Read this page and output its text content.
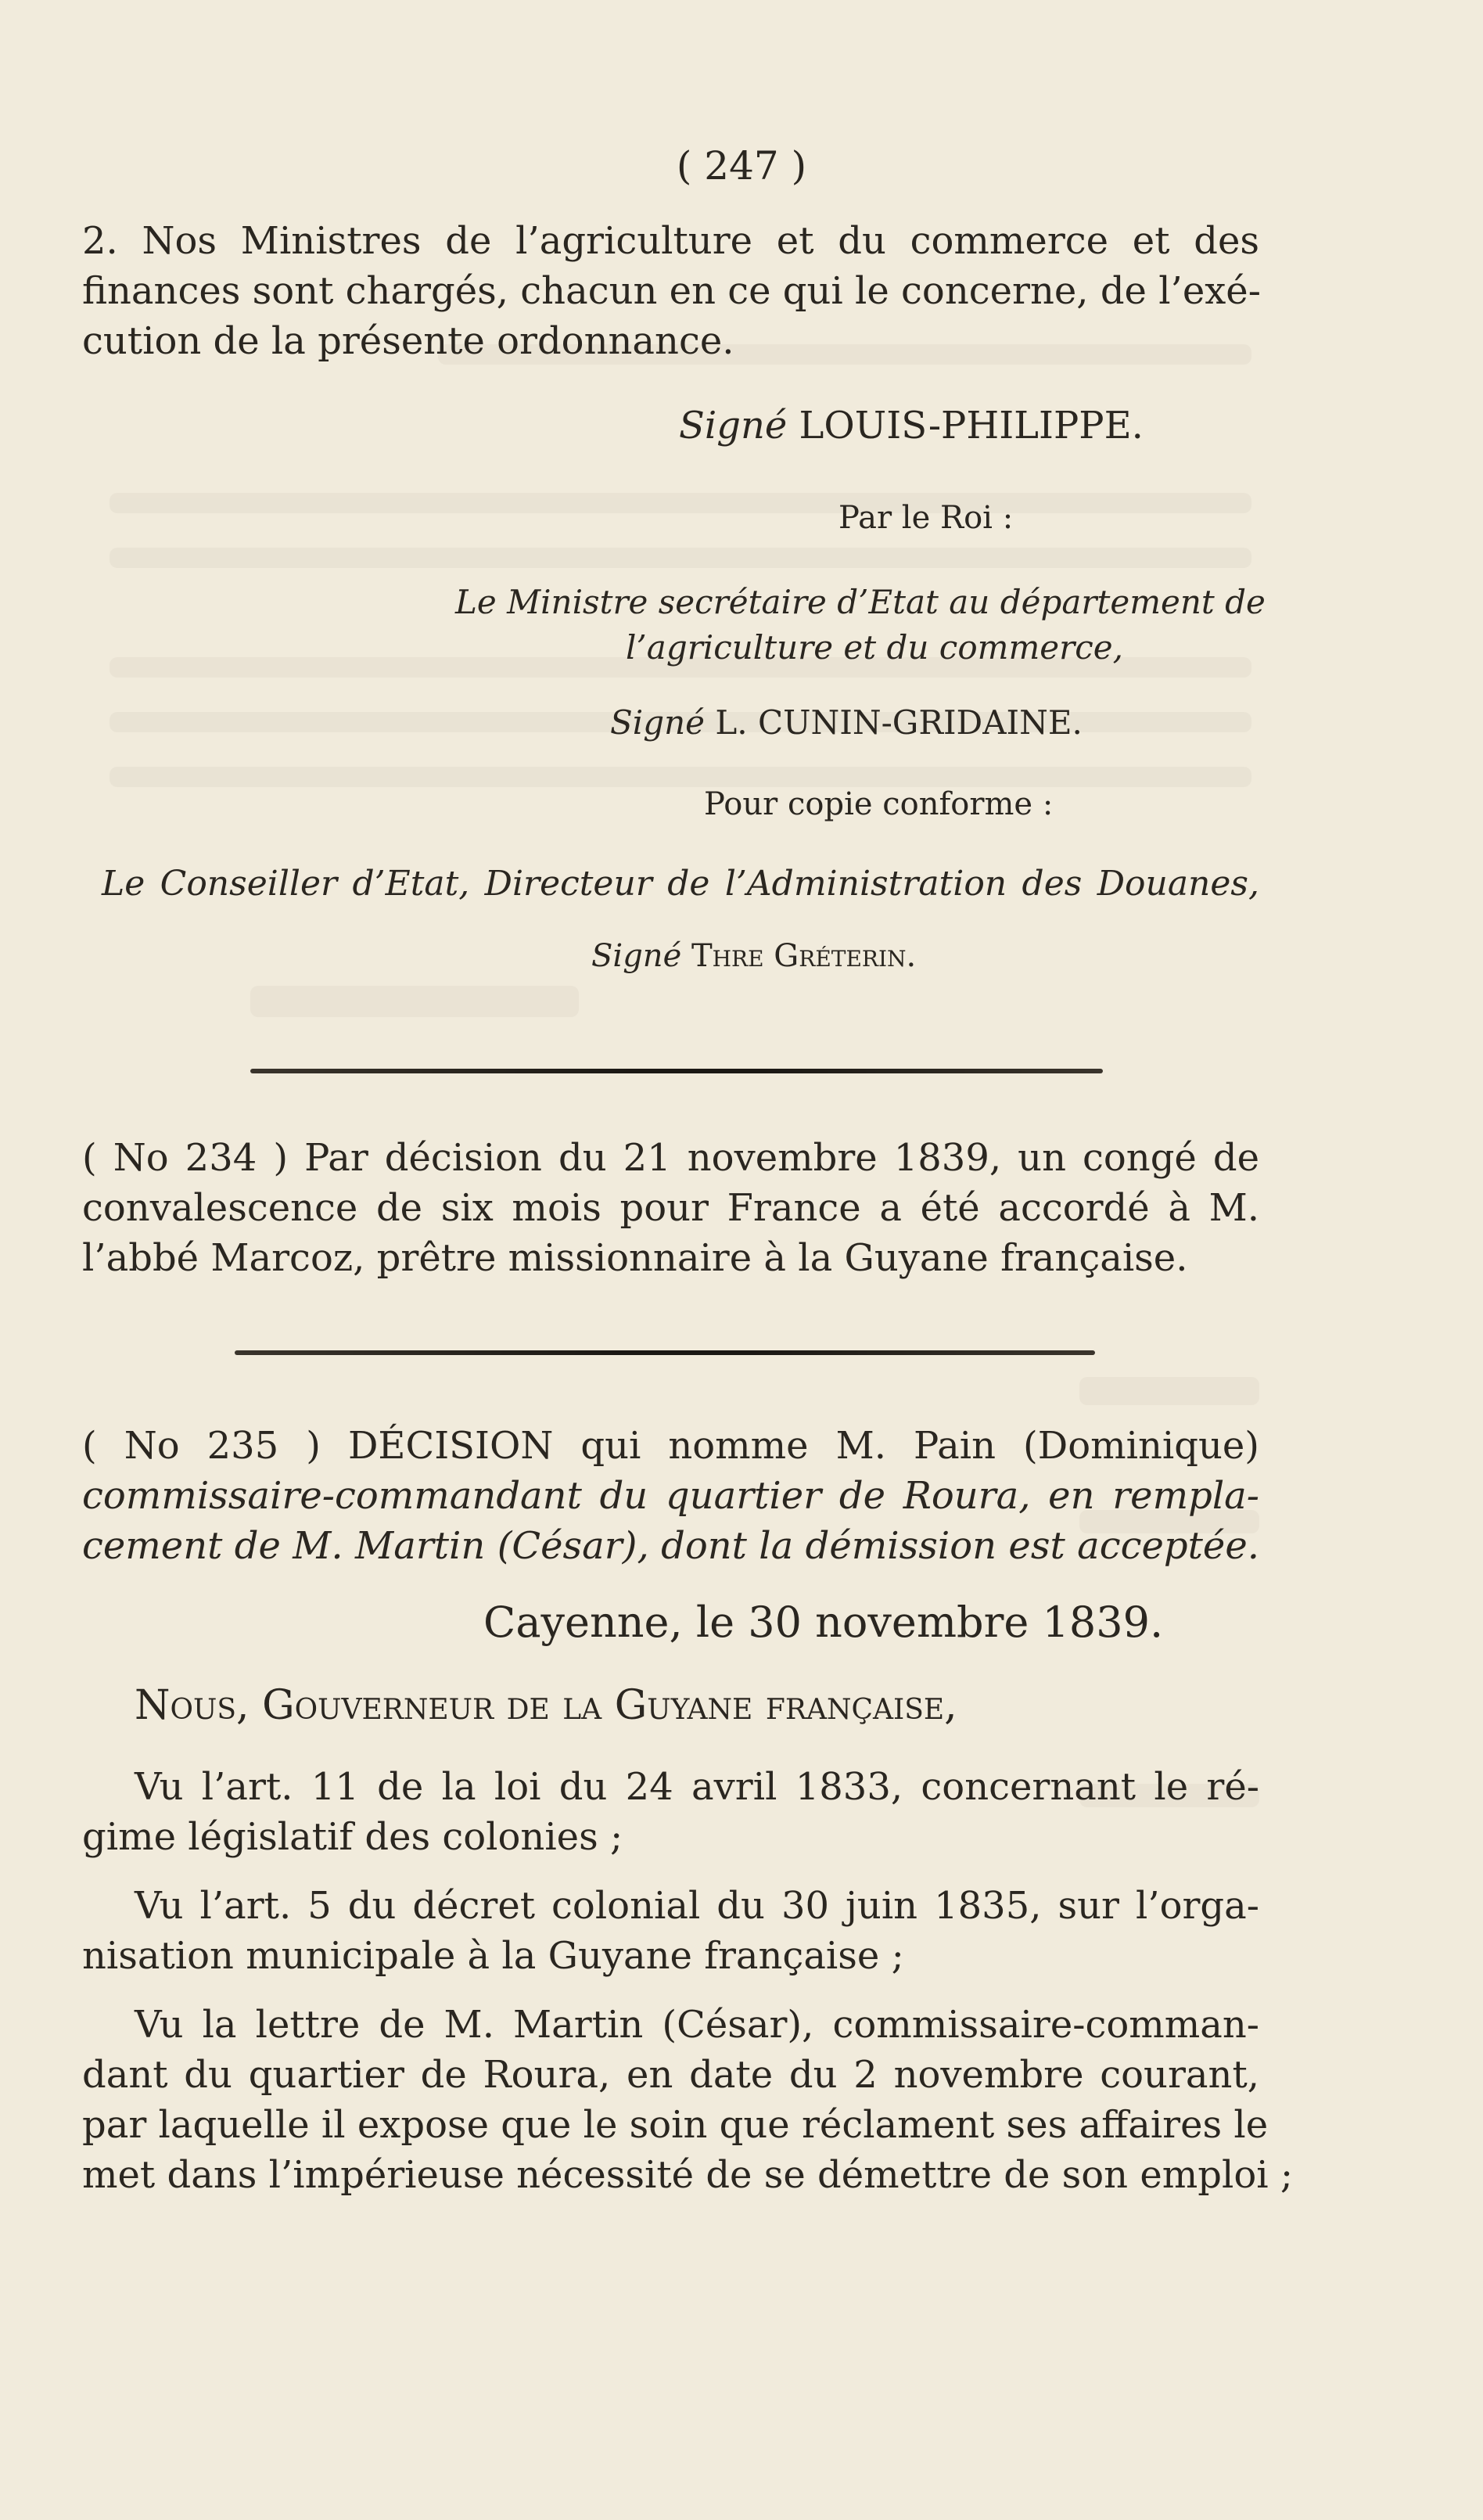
( 247 )
2. Nos Ministres de l’agriculture et du commerce et des
finances sont chargés, chacun en ce qui le concerne, de l’exé-
cution de la présente ordonnance.
Signé LOUIS-PHILIPPE.
Par le Roi :
Le Ministre secrétaire d’Etat au département de
l’agriculture et du commerce,
Signé L. CUNIN-GRIDAINE.
Pour copie conforme :
Le Conseiller d’Etat, Directeur de l’Administration des Douanes,
Signé Thre Gréterin.
( No 234 ) Par décision du 21 novembre 1839, un congé de
convalescence de six mois pour France a été accordé à M.
l’abbé Marcoz, prêtre missionnaire à la Guyane française.
( No 235 ) DÉCISION qui nomme M. Pain (Dominique)
commissaire-commandant du quartier de Roura, en rempla-
cement de M. Martin (César), dont la démission est acceptée.
Cayenne, le 30 novembre 1839.
Nous, Gouverneur de la Guyane française,
Vu l’art. 11 de la loi du 24 avril 1833, concernant le ré-
gime législatif des colonies ;
Vu l’art. 5 du décret colonial du 30 juin 1835, sur l’orga-
nisation municipale à la Guyane française ;
Vu la lettre de M. Martin (César), commissaire-comman-
dant du quartier de Roura, en date du 2 novembre courant,
par laquelle il expose que le soin que réclament ses affaires le
met dans l’impérieuse nécessité de se démettre de son emploi ;
